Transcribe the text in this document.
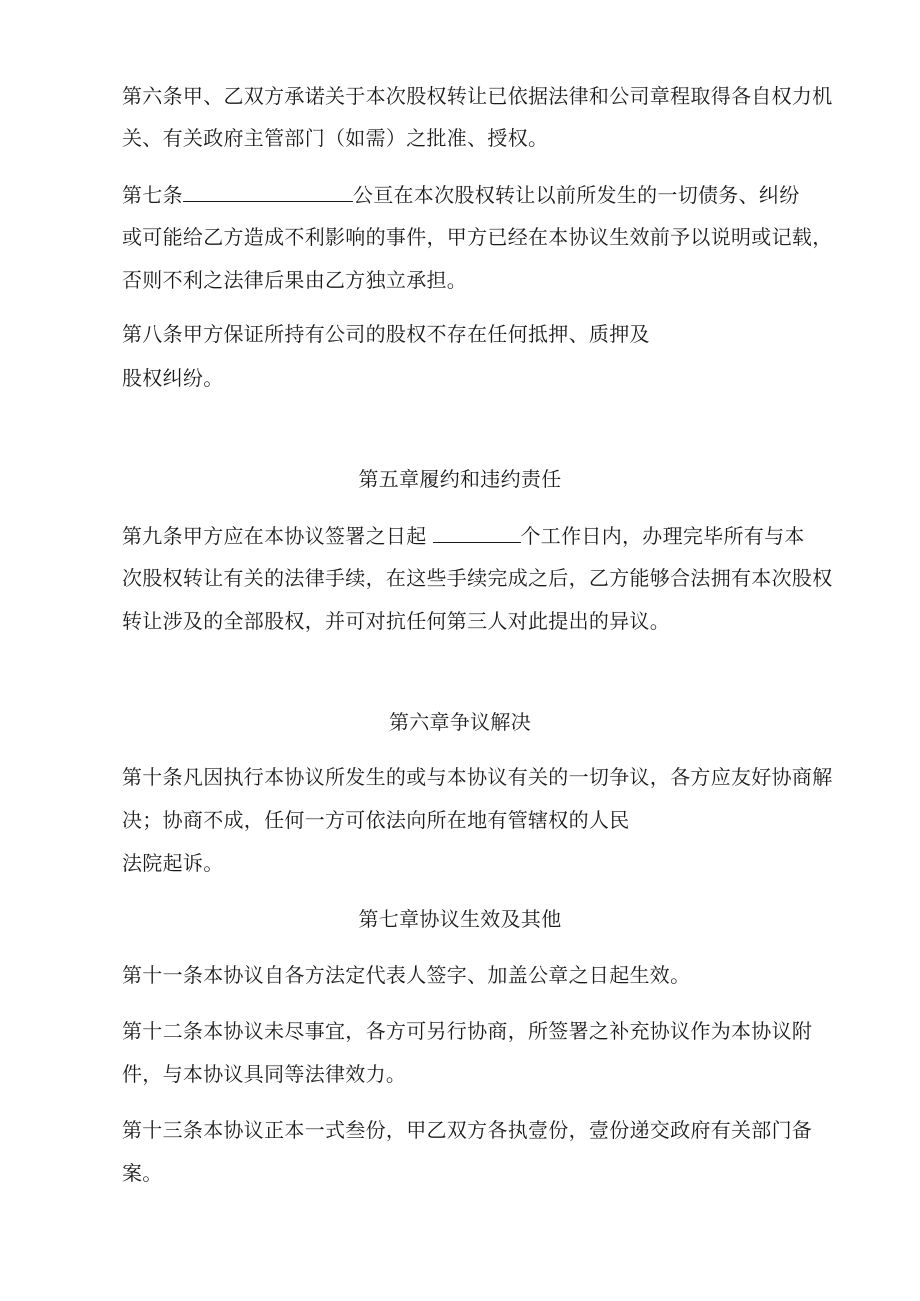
第六条甲、乙双方承诺关于本次股权转让已依据法律和公司章程取得各自权力机
关、有关政府主管部门（如需）之批准、授权。
第七条	公亘在本次股权转让以前所发生的一切债务、纠纷
或可能给乙方造成不利影响的事件，甲方已经在本协议生效前予以说明或记载，
否则不利之法律后果由乙方独立承担。
第八条甲方保证所持有公司的股权不存在任何抵押、质押及
股权纠纷。
第五章履约和违约责任
第九条甲方应在本协议签署之日起	个工作日内，办理完毕所有与本
次股权转让有关的法律手续，在这些手续完成之后，乙方能够合法拥有本次股权
转让涉及的全部股权，并可对抗任何第三人对此提出的异议。
第六章争议解决
第十条凡因执行本协议所发生的或与本协议有关的一切争议，各方应友好协商解
决；协商不成，任何一方可依法向所在地有管辖权的人民
法院起诉。
第七章协议生效及其他
第十一条本协议自各方法定代表人签字、加盖公章之日起生效。
第十二条本协议未尽事宜，各方可另行协商，所签署之补充协议作为本协议附
件，与本协议具同等法律效力。
第十三条本协议正本一式叁份，甲乙双方各执壹份，壹份递交政府有关部门备
案。
